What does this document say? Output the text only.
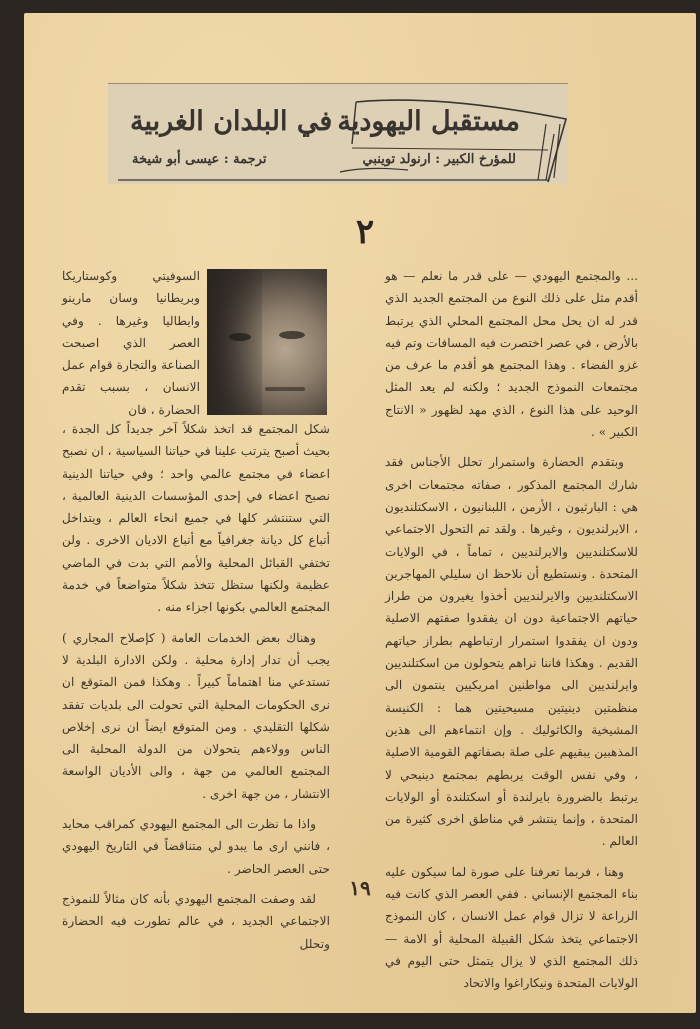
مستقبل اليهودية
في البلدان الغربية
للمؤرخ الكبير : ارنولد توينبي
ترجمة : عيسى أبو شيخة
٢

... والمجتمع اليهودي — على قدر ما نعلم — هو أقدم مثل على ذلك النوع من المجتمع الجديد الذي قدر له ان يحل محل المجتمع المحلي الذي يرتبط بالأرض ، في عصر اختصرت فيه المسافات وتم فيه غزو الفضاء . وهذا المجتمع هو أقدم ما عرف من مجتمعات النموذج الجديد ؛ ولكنه لم يعد المثل الوحيد على هذا النوع ، الذي مهد لظهور « الانتاج الكبير » .

وبتقدم الحضارة واستمرار تحلل الأجناس فقد شارك المجتمع المذكور ، صفاته مجتمعات اخرى هي : البارثيون ، الأرمن ، اللبنانيون ، الاسكتلنديون ، الايرلنديون ، وغيرها . ولقد تم التحول الاجتماعي للاسكتلنديين والايرلنديين ، تماماً ، في الولايات المتحدة . ونستطيع أن نلاحظ ان سليلي المهاجرين الاسكتلنديين والايرلنديين أخذوا يغيرون من طراز حياتهم الاجتماعية دون ان يفقدوا صفتهم الاصلية ودون ان يفقدوا استمرار ارتباطهم بطراز حياتهم القديم . وهكذا فاننا نراهم يتحولون من اسكتلنديين وايرلنديين الى مواطنين امريكيين ينتمون الى منظمتين دينيتين مسيحيتين هما : الكنيسة المشيخية والكاثوليك . وإن انتماءهم الى هذين المذهبين يبقيهم على صلة بصفاتهم القومية الاصلية ، وفي نفس الوقت يربطهم بمجتمع دينيحي لا يرتبط بالضرورة بايرلندة أو اسكتلندة أو الولايات المتحدة ، وإنما ينتشر في مناطق اخرى كثيرة من العالم .

وهنا ، فربما تعرفنا على صورة لما سيكون عليه بناء المجتمع الإنساني . ففي العصر الذي كانت فيه الزراعة لا تزال قوام عمل الانسان ، كان النموذج الاجتماعي يتخذ شكل القبيلة المحلية أو الامة — ذلك المجتمع الذي لا يزال يتمثل حتى اليوم في الولايات المتحدة ونيكاراغوا والاتحاد

السوفيتي وكوستاريكا وبريطانيا وسان مارينو وايطاليا وغيرها . وفي العصر الذي اصبحت الصناعة والتجارة قوام عمل الانسان ، بسبب تقدم الحضارة ، فان

شكل المجتمع قد اتخذ شكلاً آخر جديداً كل الجدة ، بحيث أصبح يترتب علينا في حياتنا السياسية ، ان نصبح اعضاء في مجتمع عالمي واحد ؛ وفي حياتنا الدينية نصبح اعضاء في إحدى المؤسسات الدينية العالمية ، التي ستنتشر كلها في جميع انحاء العالم ، ويتداخل أتباع كل ديانة جغرافياً مع أتباع الاديان الاخرى . ولن تختفي القبائل المحلية والأمم التي بدت في الماضي عظيمة ولكنها ستظل تتخذ شكلاً متواضعاً في خدمة المجتمع العالمي بكونها اجزاء منه .

وهناك بعض الخدمات العامة ( كإصلاح المجاري ) يجب أن تدار إدارة محلية . ولكن الادارة البلدية لا تستدعي منا اهتماماً كبيراً . وهكذا فمن المتوقع ان نرى الحكومات المحلية التي تحولت الى بلديات تفقد شكلها التقليدي . ومن المتوقع ايضاً ان نرى إخلاص الناس وولاءهم يتحولان من الدولة المحلية الى المجتمع العالمي من جهة ، والى الأديان الواسعة الانتشار ، من جهة اخرى .

واذا ما نظرت الى المجتمع اليهودي كمراقب محايد ، فانني ارى ما يبدو لي متناقضاً في التاريخ اليهودي حتى العصر الحاضر .

لقد وصفت المجتمع اليهودي بأنه كان مثالاً للنموذج الاجتماعي الجديد ، في عالم تطورت فيه الحضارة وتحلل

١٩
